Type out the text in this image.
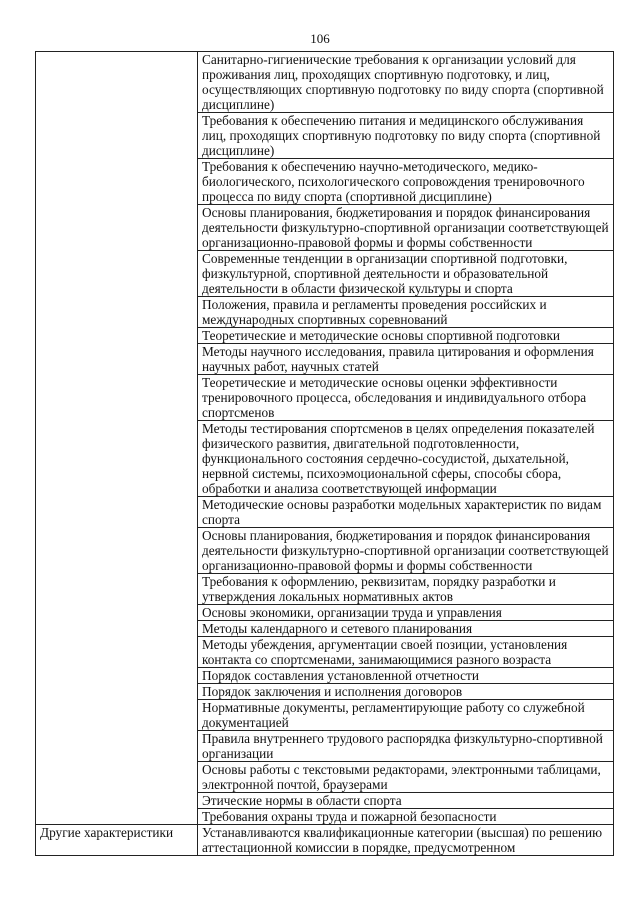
106
	Санитарно-гигиенические требования к организации условий для проживания лиц, проходящих спортивную подготовку, и лиц, осуществляющих спортивную подготовку по виду спорта (спортивной дисциплине)
	Требования к обеспечению питания и медицинского обслуживания лиц, проходящих спортивную подготовку по виду спорта (спортивной дисциплине)
	Требования к обеспечению научно-методического, медико-биологического, психологического сопровождения тренировочного процесса по виду спорта (спортивной дисциплине)
	Основы планирования, бюджетирования и порядок финансирования деятельности физкультурно-спортивной организации соответствующей организационно-правовой формы и формы собственности
	Современные тенденции в организации спортивной подготовки, физкультурной, спортивной деятельности и образовательной деятельности в области физической культуры и спорта
	Положения, правила и регламенты проведения российских и международных спортивных соревнований
	Теоретические и методические основы спортивной подготовки
	Методы научного исследования, правила цитирования и оформления научных работ, научных статей
	Теоретические и методические основы оценки эффективности тренировочного процесса, обследования и индивидуального отбора спортсменов
	Методы тестирования спортсменов в целях определения показателей физического развития, двигательной подготовленности, функционального состояния сердечно-сосудистой, дыхательной, нервной системы, психоэмоциональной сферы, способы сбора, обработки и анализа соответствующей информации
	Методические основы разработки модельных характеристик по видам спорта
	Основы планирования, бюджетирования и порядок финансирования деятельности физкультурно-спортивной организации соответствующей организационно-правовой формы и формы собственности
	Требования к оформлению, реквизитам, порядку разработки и утверждения локальных нормативных актов
	Основы экономики, организации труда и управления
	Методы календарного и сетевого планирования
	Методы убеждения, аргументации своей позиции, установления контакта со спортсменами, занимающимися разного возраста
	Порядок составления установленной отчетности
	Порядок заключения и исполнения договоров
	Нормативные документы, регламентирующие работу со служебной документацией
	Правила внутреннего трудового распорядка физкультурно-спортивной организации
	Основы работы с текстовыми редакторами, электронными таблицами, электронной почтой, браузерами
	Этические нормы в области спорта
	Требования охраны труда и пожарной безопасности
Другие характеристики	Устанавливаются квалификационные категории (высшая) по решению аттестационной комиссии в порядке, предусмотренном
